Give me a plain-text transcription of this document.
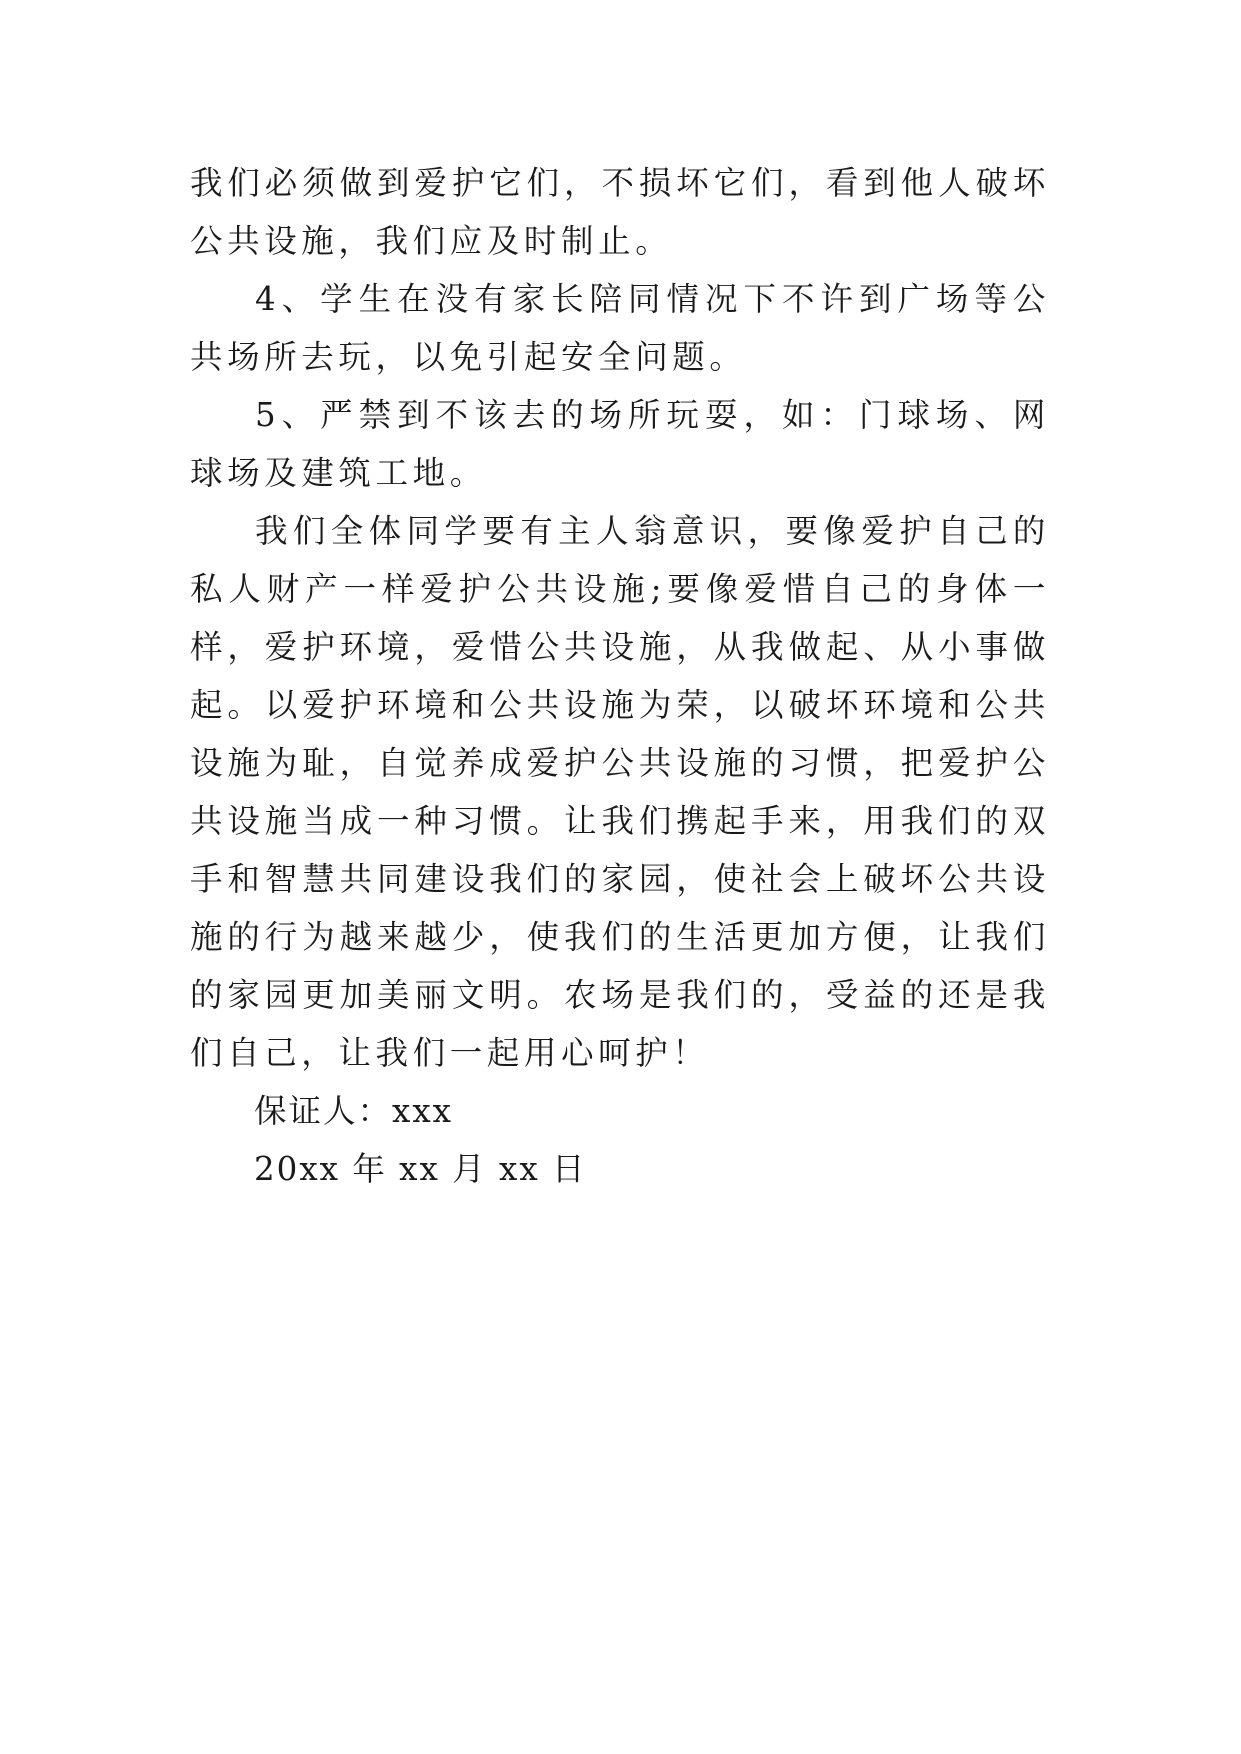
我们必须做到爱护它们，不损坏它们，看到他人破坏公共设施，我们应及时制止。

4、学生在没有家长陪同情况下不许到广场等公共场所去玩，以免引起安全问题。

5、严禁到不该去的场所玩耍，如：门球场、网球场及建筑工地。

我们全体同学要有主人翁意识，要像爱护自己的私人财产一样爱护公共设施;要像爱惜自己的身体一样，爱护环境，爱惜公共设施，从我做起、从小事做起。以爱护环境和公共设施为荣，以破坏环境和公共设施为耻，自觉养成爱护公共设施的习惯，把爱护公共设施当成一种习惯。让我们携起手来，用我们的双手和智慧共同建设我们的家园，使社会上破坏公共设施的行为越来越少，使我们的生活更加方便，让我们的家园更加美丽文明。农场是我们的，受益的还是我们自己，让我们一起用心呵护！

保证人：xxx

20xx 年 xx 月 xx 日
